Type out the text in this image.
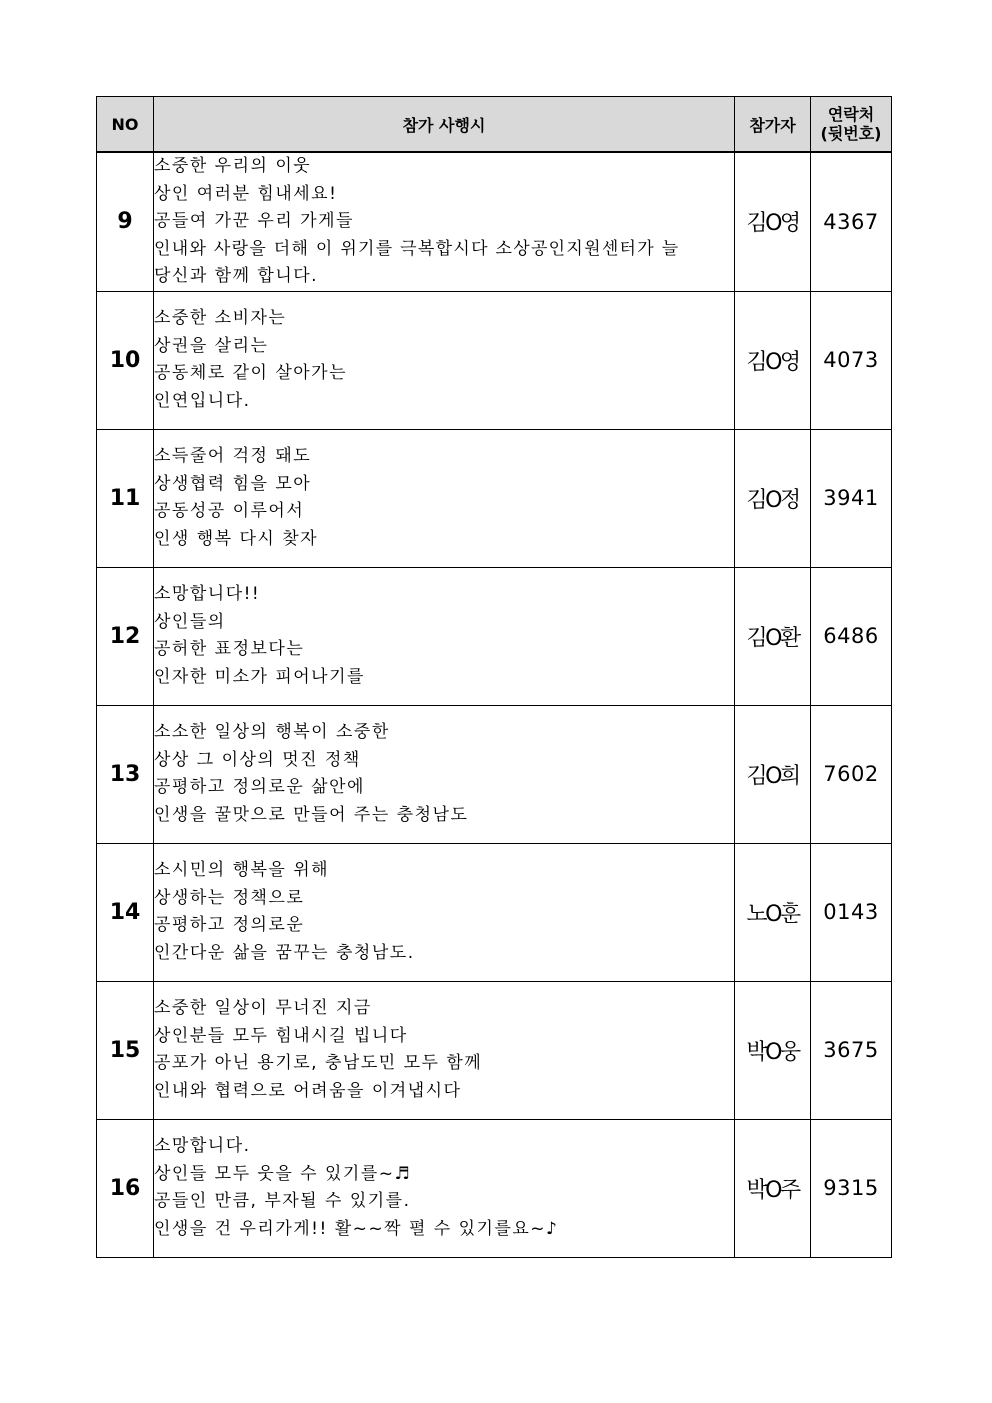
NO	참가 사행시	참가자	연락처
(뒷번호)

9	소중한 우리의 이웃
상인 여러분 힘내세요!
공들여 가꾼 우리 가게들
인내와 사랑을 더해 이 위기를 극복합시다 소상공인지원센터가 늘
당신과 함께 합니다.	김O영	4367
10	소중한 소비자는
상권을 살리는
공동체로 같이 살아가는
인연입니다.	김O영	4073
11	소득줄어 걱정 돼도
상생협력 힘을 모아
공동성공 이루어서
인생 행복 다시 찾자	김O정	3941
12	소망합니다!!
상인들의
공허한 표정보다는
인자한 미소가 피어나기를	김O환	6486
13	소소한 일상의 행복이 소중한
상상 그 이상의 멋진 정책
공평하고 정의로운 삶안에
인생을 꿀맛으로 만들어 주는 충청남도	김O희	7602
14	소시민의 행복을 위해
상생하는 정책으로
공평하고 정의로운
인간다운 삶을 꿈꾸는 충청남도.	노O훈	0143
15	소중한 일상이 무너진 지금
상인분들 모두 힘내시길 빕니다
공포가 아닌 용기로, 충남도민 모두 함께
인내와 협력으로 어려움을 이겨냅시다	박O웅	3675
16	소망합니다.
상인들 모두 웃을 수 있기를~♬
공들인 만큼, 부자될 수 있기를.
인생을 건 우리가게!! 활~~짝 펼 수 있기를요~♪	박O주	9315
